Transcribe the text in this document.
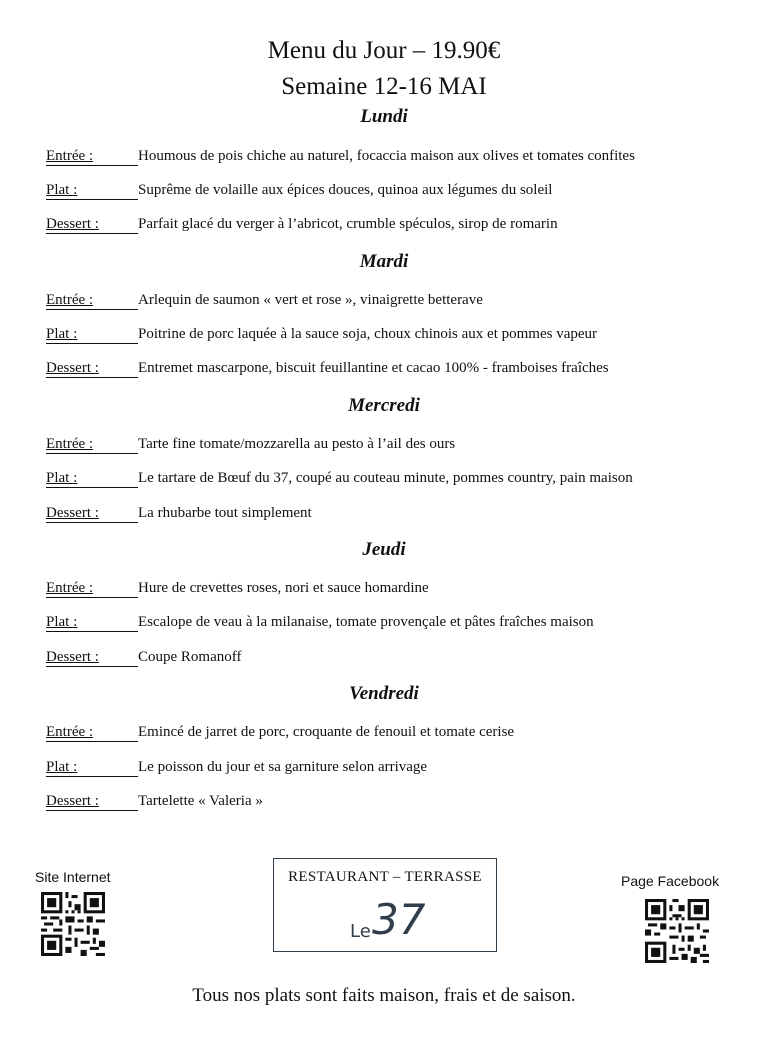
Menu du Jour – 19.90€
Semaine 12-16 MAI
Lundi
Entrée :	Houmous de pois chiche au naturel, focaccia maison aux olives et tomates confites
Plat :	Suprême de volaille aux épices douces, quinoa aux légumes du soleil
Dessert :	Parfait glacé du verger à l’abricot, crumble spéculos, sirop de romarin
Mardi
Entrée :	Arlequin de saumon « vert et rose », vinaigrette betterave
Plat :	Poitrine de porc laquée à la sauce soja, choux chinois aux et pommes vapeur
Dessert :	Entremet mascarpone, biscuit feuillantine et cacao 100% - framboises fraîches
Mercredi
Entrée :	Tarte fine tomate/mozzarella au pesto à l’ail des ours
Plat :	Le tartare de Bœuf du 37, coupé au couteau minute, pommes country, pain maison
Dessert :	La rhubarbe tout simplement
Jeudi
Entrée :	Hure de crevettes roses, nori et sauce homardine
Plat :	Escalope de veau à la milanaise, tomate provençale et pâtes fraîches maison
Dessert :	Coupe Romanoff
Vendredi
Entrée :	Emincé de jarret de porc, croquante de fenouil et tomate cerise
Plat :	Le poisson du jour et sa garniture selon arrivage
Dessert :	Tartelette « Valeria »
Site Internet	RESTAURANT – TERRASSE
Le 37
Page Facebook
Tous nos plats sont faits maison, frais et de saison.
